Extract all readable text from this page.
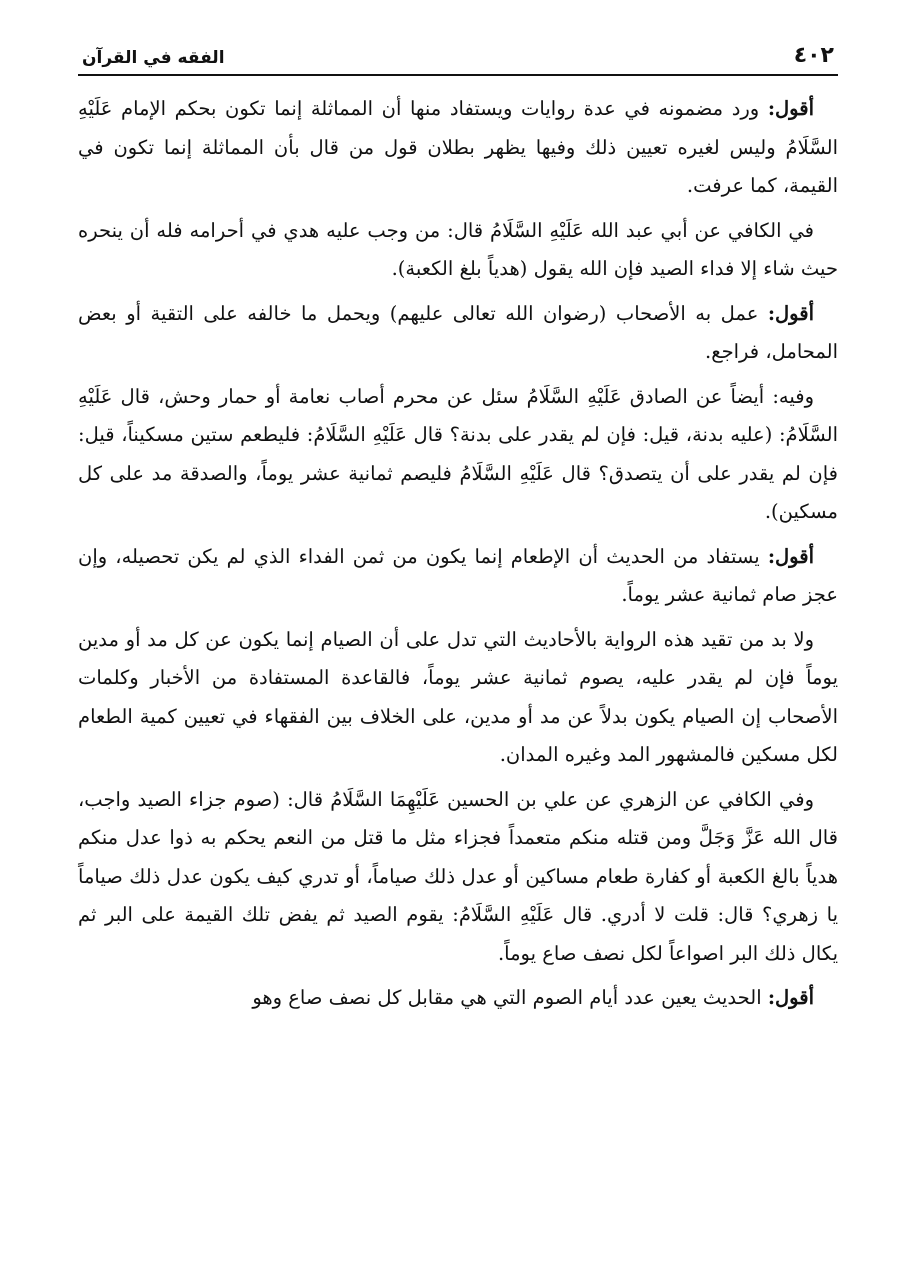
٤٠٢
الفقه في القرآن

أقول: ورد مضمونه في عدة روايات ويستفاد منها أن المماثلة إنما تكون بحكم الإمام عَلَيْهِ السَّلَامُ وليس لغيره تعيين ذلك وفيها يظهر بطلان قول من قال بأن المماثلة إنما تكون في القيمة، كما عرفت.

في الكافي عن أبي عبد الله عَلَيْهِ السَّلَامُ قال: من وجب عليه هدي في أحرامه فله أن ينحره حيث شاء إلا فداء الصيد فإن الله يقول (هدياً بلغ الكعبة).

أقول: عمل به الأصحاب (رضوان الله تعالى عليهم) ويحمل ما خالفه على التقية أو بعض المحامل، فراجع.

وفيه: أيضاً عن الصادق عَلَيْهِ السَّلَامُ سئل عن محرم أصاب نعامة أو حمار وحش، قال عَلَيْهِ السَّلَامُ: (عليه بدنة، قيل: فإن لم يقدر على بدنة؟ قال عَلَيْهِ السَّلَامُ: فليطعم ستين مسكيناً، قيل: فإن لم يقدر على أن يتصدق؟ قال عَلَيْهِ السَّلَامُ فليصم ثمانية عشر يوماً، والصدقة مد على كل مسكين).

أقول: يستفاد من الحديث أن الإطعام إنما يكون من ثمن الفداء الذي لم يكن تحصيله، وإن عجز صام ثمانية عشر يوماً.

ولا بد من تقيد هذه الرواية بالأحاديث التي تدل على أن الصيام إنما يكون عن كل مد أو مدين يوماً فإن لم يقدر عليه، يصوم ثمانية عشر يوماً، فالقاعدة المستفادة من الأخبار وكلمات الأصحاب إن الصيام يكون بدلاً عن مد أو مدين، على الخلاف بين الفقهاء في تعيين كمية الطعام لكل مسكين فالمشهور المد وغيره المدان.

وفي الكافي عن الزهري عن علي بن الحسين عَلَيْهِمَا السَّلَامُ قال: (صوم جزاء الصيد واجب، قال الله عَزَّ وَجَلَّ ومن قتله منكم متعمداً فجزاء مثل ما قتل من النعم يحكم به ذوا عدل منكم هدياً بالغ الكعبة أو كفارة طعام مساكين أو عدل ذلك صياماً، أو تدري كيف يكون عدل ذلك صياماً يا زهري؟ قال: قلت لا أدري. قال عَلَيْهِ السَّلَامُ: يقوم الصيد ثم يفض تلك القيمة على البر ثم يكال ذلك البر اصواعاً لكل نصف صاع يوماً.

أقول: الحديث يعين عدد أيام الصوم التي هي مقابل كل نصف صاع وهو
